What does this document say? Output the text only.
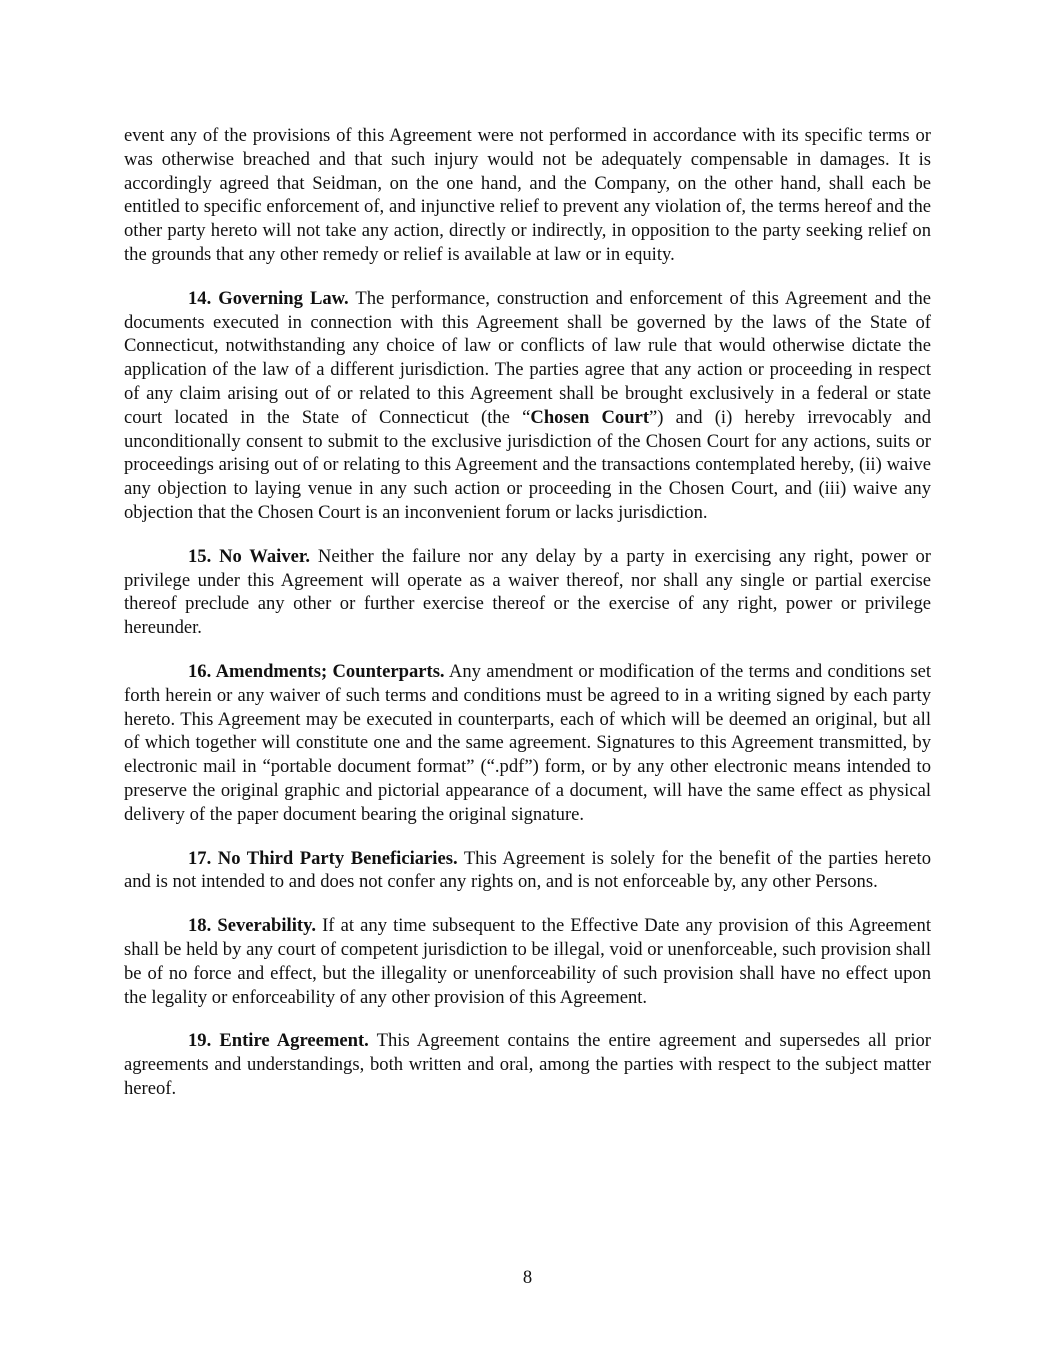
event any of the provisions of this Agreement were not performed in accordance with its specific terms or was otherwise breached and that such injury would not be adequately compensable in damages. It is accordingly agreed that Seidman, on the one hand, and the Company, on the other hand, shall each be entitled to specific enforcement of, and injunctive relief to prevent any violation of, the terms hereof and the other party hereto will not take any action, directly or indirectly, in opposition to the party seeking relief on the grounds that any other remedy or relief is available at law or in equity.

14. Governing Law. The performance, construction and enforcement of this Agreement and the documents executed in connection with this Agreement shall be governed by the laws of the State of Connecticut, notwithstanding any choice of law or conflicts of law rule that would otherwise dictate the application of the law of a different jurisdiction. The parties agree that any action or proceeding in respect of any claim arising out of or related to this Agreement shall be brought exclusively in a federal or state court located in the State of Connecticut (the “Chosen Court”) and (i) hereby irrevocably and unconditionally consent to submit to the exclusive jurisdiction of the Chosen Court for any actions, suits or proceedings arising out of or relating to this Agreement and the transactions contemplated hereby, (ii) waive any objection to laying venue in any such action or proceeding in the Chosen Court, and (iii) waive any objection that the Chosen Court is an inconvenient forum or lacks jurisdiction.

15. No Waiver. Neither the failure nor any delay by a party in exercising any right, power or privilege under this Agreement will operate as a waiver thereof, nor shall any single or partial exercise thereof preclude any other or further exercise thereof or the exercise of any right, power or privilege hereunder.

16. Amendments; Counterparts. Any amendment or modification of the terms and conditions set forth herein or any waiver of such terms and conditions must be agreed to in a writing signed by each party hereto. This Agreement may be executed in counterparts, each of which will be deemed an original, but all of which together will constitute one and the same agreement. Signatures to this Agreement transmitted, by electronic mail in “portable document format” (“.pdf”) form, or by any other electronic means intended to preserve the original graphic and pictorial appearance of a document, will have the same effect as physical delivery of the paper document bearing the original signature.

17. No Third Party Beneficiaries. This Agreement is solely for the benefit of the parties hereto and is not intended to and does not confer any rights on, and is not enforceable by, any other Persons.

18. Severability. If at any time subsequent to the Effective Date any provision of this Agreement shall be held by any court of competent jurisdiction to be illegal, void or unenforceable, such provision shall be of no force and effect, but the illegality or unenforceability of such provision shall have no effect upon the legality or enforceability of any other provision of this Agreement.

19. Entire Agreement. This Agreement contains the entire agreement and supersedes all prior agreements and understandings, both written and oral, among the parties with respect to the subject matter hereof.

8
